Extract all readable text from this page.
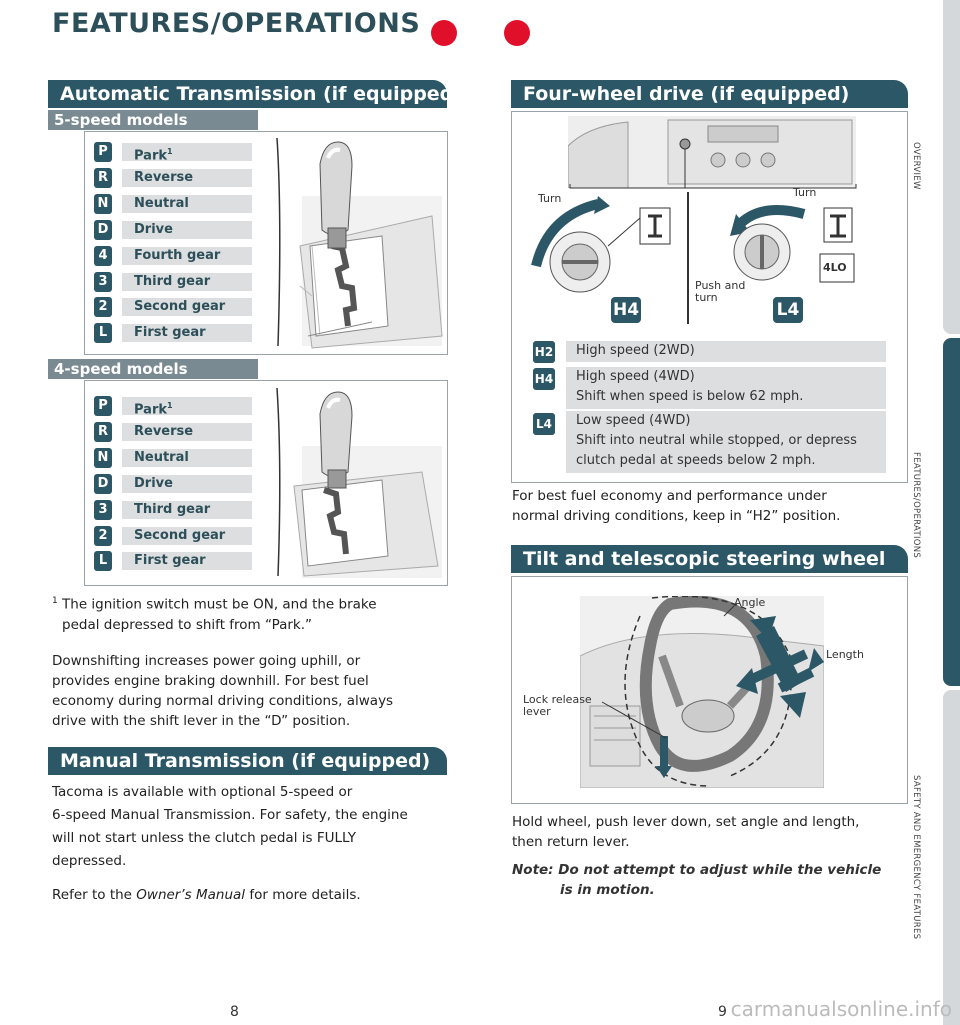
FEATURES/OPERATIONS
OVERVIEW
FEATURES/OPERATIONS
SAFETY AND EMERGENCY FEATURES
Automatic Transmission (if equipped)
5-speed models
P	Park$^1$
R	Reverse
N	Neutral
D	Drive
4	Fourth gear
3	Third gear
2	Second gear
L	First gear
4-speed models
P	Park$^1$
R	Reverse
N	Neutral
D	Drive
3	Third gear
2	Second gear
L	First gear
$^1$ The ignition switch must be ON, and the brake
pedal depressed to shift from “Park.”
Downshifting increases power going uphill, or
provides engine braking downhill. For best fuel
economy during normal driving conditions, always
drive with the shift lever in the “D” position.
Manual Transmission (if equipped)
Tacoma is available with optional 5-speed or
6-speed Manual Transmission. For safety, the engine
will not start unless the clutch pedal is FULLY
depressed.
Refer to the Owner’s Manual for more details.
Four-wheel drive (if equipped)
4LO
Turn	Turn
Push and
turn
H4	L4
H2 High speed (2WD)
H4 High speed (4WD)
Shift when speed is below 62 mph.
L4 Low speed (4WD)
Shift into neutral while stopped, or depress
clutch pedal at speeds below 2 mph.
For best fuel economy and performance under
normal driving conditions, keep in “H2” position.
Tilt and telescopic steering wheel
Angle
Length
Lock release
lever
Hold wheel, push lever down, set angle and length,
then return lever.
Note: Do not attempt to adjust while the vehicle
is in motion.
8	9 carmanualsonline.info
